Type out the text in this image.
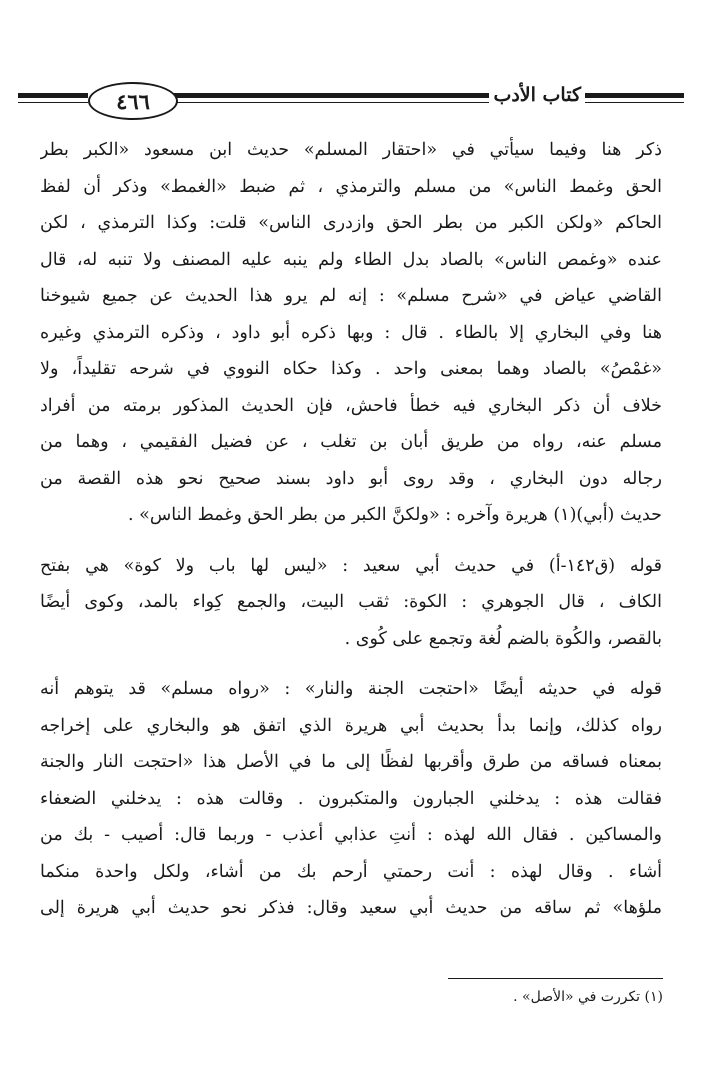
٤٦٦	كتاب الأدب
ذكر هنا وفيما سيأتي في «احتقار المسلم» حديث ابن مسعود «الكبر بطر
الحق وغمط الناس» من مسلم والترمذي ، ثم ضبط «الغمط» وذكر أن لفظ
الحاكم «ولكن الكبر من بطر الحق وازدرى الناس» قلت: وكذا الترمذي ، لكن
عنده «وغمص الناس» بالصاد بدل الطاء ولم ينبه عليه المصنف ولا تنبه له، قال
القاضي عياض في «شرح مسلم» : إنه لم يرو هذا الحديث عن جميع شيوخنا
هنا وفي البخاري إلا بالطاء . قال : وبها ذكره أبو داود ، وذكره الترمذي وغيره
«غمْصُ» بالصاد وهما بمعنى واحد . وكذا حكاه النووي في شرحه تقليداً، ولا
خلاف أن ذكر البخاري فيه خطأ فاحش، فإن الحديث المذكور برمته من أفراد
مسلم عنه، رواه من طريق أبان بن تغلب ، عن فضيل الفقيمي ، وهما من
رجاله دون البخاري ، وقد روى أبو داود بسند صحيح نحو هذه القصة من
حديث (أبي)(١) هريرة وآخره : «ولكنَّ الكبر من بطر الحق وغمط الناس» .
قوله (ق١٤٢-أ) في حديث أبي سعيد : «ليس لها باب ولا كوة» هي بفتح
الكاف ، قال الجوهري : الكوة: ثقب البيت، والجمع كِواء بالمد، وكوى أيضًا
بالقصر، والكُوة بالضم لُغة وتجمع على كُوى .
قوله في حديثه أيضًا «احتجت الجنة والنار» : «رواه مسلم» قد يتوهم أنه
رواه كذلك، وإنما بدأ بحديث أبي هريرة الذي اتفق هو والبخاري على إخراجه
بمعناه فساقه من طرق وأقربها لفظًا إلى ما في الأصل هذا «احتجت النار والجنة
فقالت هذه : يدخلني الجبارون والمتكبرون . وقالت هذه : يدخلني الضعفاء
والمساكين . فقال الله لهذه : أنتِ عذابي أعذب - وربما قال: أصيب - بك من
أشاء . وقال لهذه : أنت رحمتي أرحم بك من أشاء، ولكل واحدة منكما
ملؤها» ثم ساقه من حديث أبي سعيد وقال: فذكر نحو حديث أبي هريرة إلى
(١) تكررت في «الأصل» .
